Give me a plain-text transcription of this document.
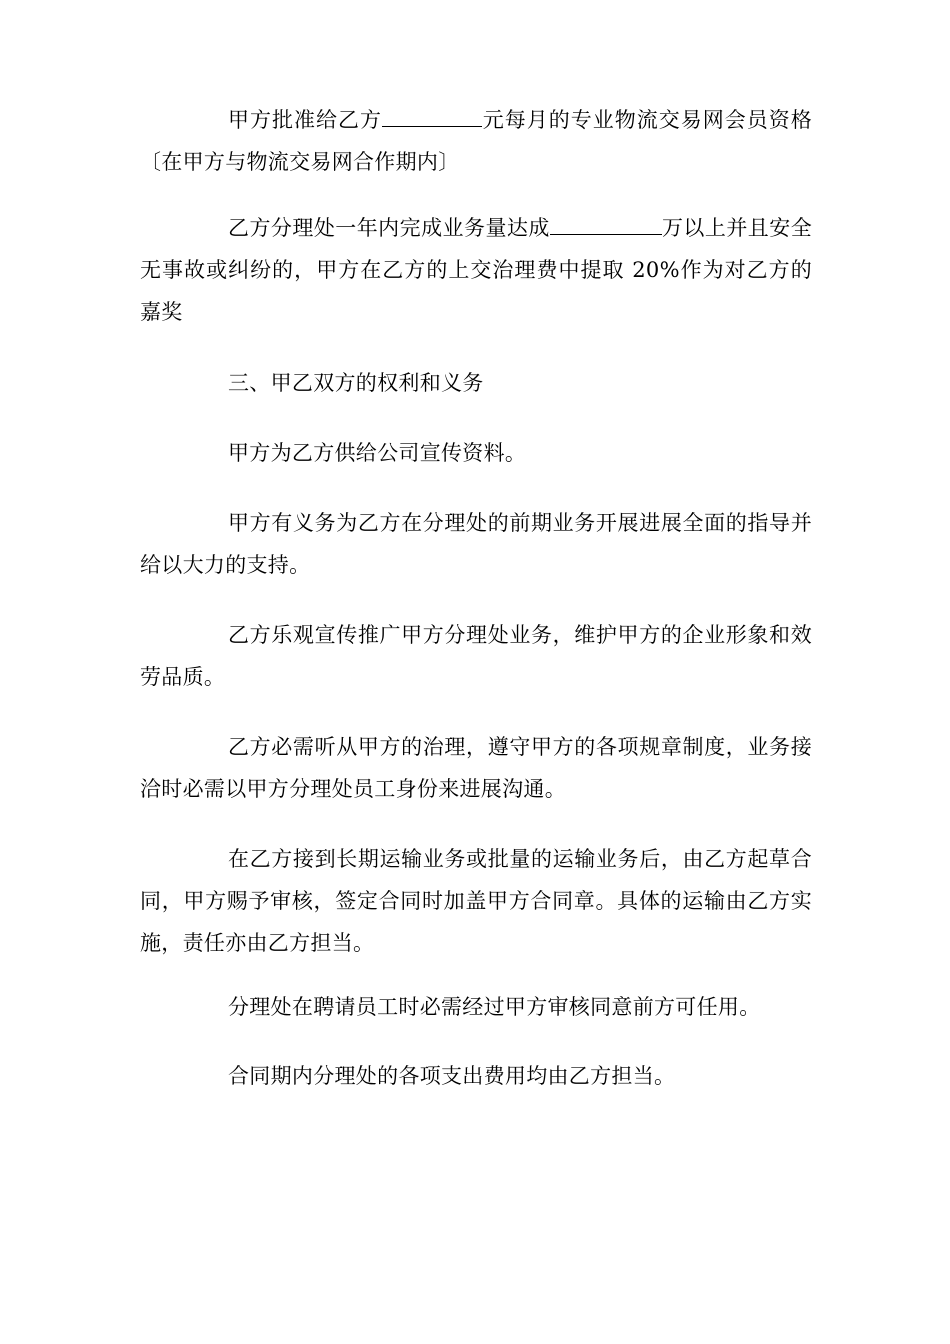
甲方批准给乙方	元每月的专业物流交易网会员资格〔在甲方与物流交易网合作期内〕

乙方分理处一年内完成业务量达成	万以上并且安全无事故或纠纷的，甲方在乙方的上交治理费中提取 20%作为对乙方的嘉奖

三、甲乙双方的权利和义务

甲方为乙方供给公司宣传资料。

甲方有义务为乙方在分理处的前期业务开展进展全面的指导并给以大力的支持。

乙方乐观宣传推广甲方分理处业务，维护甲方的企业形象和效劳品质。

乙方必需听从甲方的治理，遵守甲方的各项规章制度，业务接洽时必需以甲方分理处员工身份来进展沟通。

在乙方接到长期运输业务或批量的运输业务后，由乙方起草合同，甲方赐予审核，签定合同时加盖甲方合同章。具体的运输由乙方实施，责任亦由乙方担当。

分理处在聘请员工时必需经过甲方审核同意前方可任用。

合同期内分理处的各项支出费用均由乙方担当。
